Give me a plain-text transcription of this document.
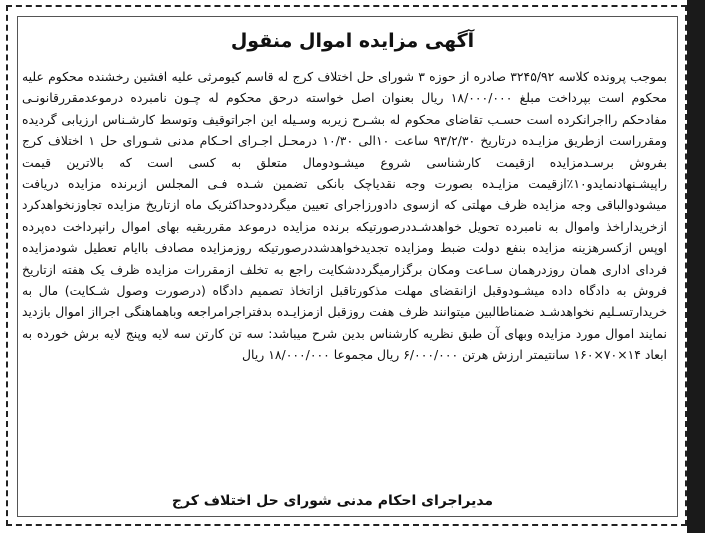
آگهی مزایده اموال منقول

بموجب پرونده کلاسه ۳۲۴۵/۹۲ صادره از حوزه ۳ شورای حل اختلاف کرج له قاسم کیومرثی علیه افشین رخشنده محکوم علیه محکوم است بپرداخت مبلغ ۱۸/۰۰۰/۰۰۰ ریال بعنوان اصل خواسته درحق محکوم له چـون نامبرده درموعدمقررقانونـی مفادحکم رااجرانکرده است حسـب تقاضای محکوم له بشـرح زیربه وسـیله این اجراتوقیف وتوسط کارشـناس ارزیابی گردیده ومقرراست ازطریق مزایـده درتاریخ ۹۳/۲/۳۰ ساعت ۱۰الی ۱۰/۳۰ درمحـل اجـرای احـکام مدنی شـورای حل ۱ اختلاف کرج بفروش برسـدمزایده ازقیمت کارشناسی شروع میشـودومال متعلق به کسی است که بالاترین قیمت راپیشـنهادنمایدو۱۰٪ازقیمت مزایـده بصورت وجه نقدیاچک بانکی تضمین شـده فـی المجلس ازبرنده مزایده دریافت میشودوالباقی وجه مزایده ظرف مهلتی که ازسوی دادورزاجرای تعیین میگرددوحداکثریک ماه ازتاریخ مزایده تجاوزنخواهدکرد ازخریداراخذ واموال به نامبرده تحویل خواهدشـددرصورتیکه برنده مزایده درموعد مقرربقیه بهای اموال رانپرداخت ده‌پرده اوپس ازکسرهزینه مزایده بنفع دولت ضبط ومزایده تجدیدخواهدشددرصورتیکه روزمزایده مصادف باایام تعطیل شودمزایده فردای اداری همان روزدرهمان سـاعت ومکان برگزارمیگرددشکایت راجع به تخلف ازمقررات مزایده ظرف یک هفته ازتاریخ فروش به دادگاه داده میشـودوقبل ازانقضای مهلت مذکورتاقبل ازاتخاذ تصمیم دادگاه (درصورت وصول شـکایت) مال به خریدارتسـلیم نخواهدشـد ضمناطالبین میتوانند ظرف هفت روزقبل ازمزایـده بدفتراجرامراجعه وباهماهنگی اجرااز اموال بازدید نمایند اموال مورد مزایده وبهای آن طبق نظریه کارشناس بدین شرح میباشد: سه تن کارتن سه لایه وپنج لایه برش خورده به ابعاد ۱۴×۷۰×۱۶۰ سانتیمتر ارزش هرتن ۶/۰۰۰/۰۰۰ ریال مجموعا ۱۸/۰۰۰/۰۰۰ ریال

مدیراجرای احکام مدنی شورای حل اختلاف کرج
